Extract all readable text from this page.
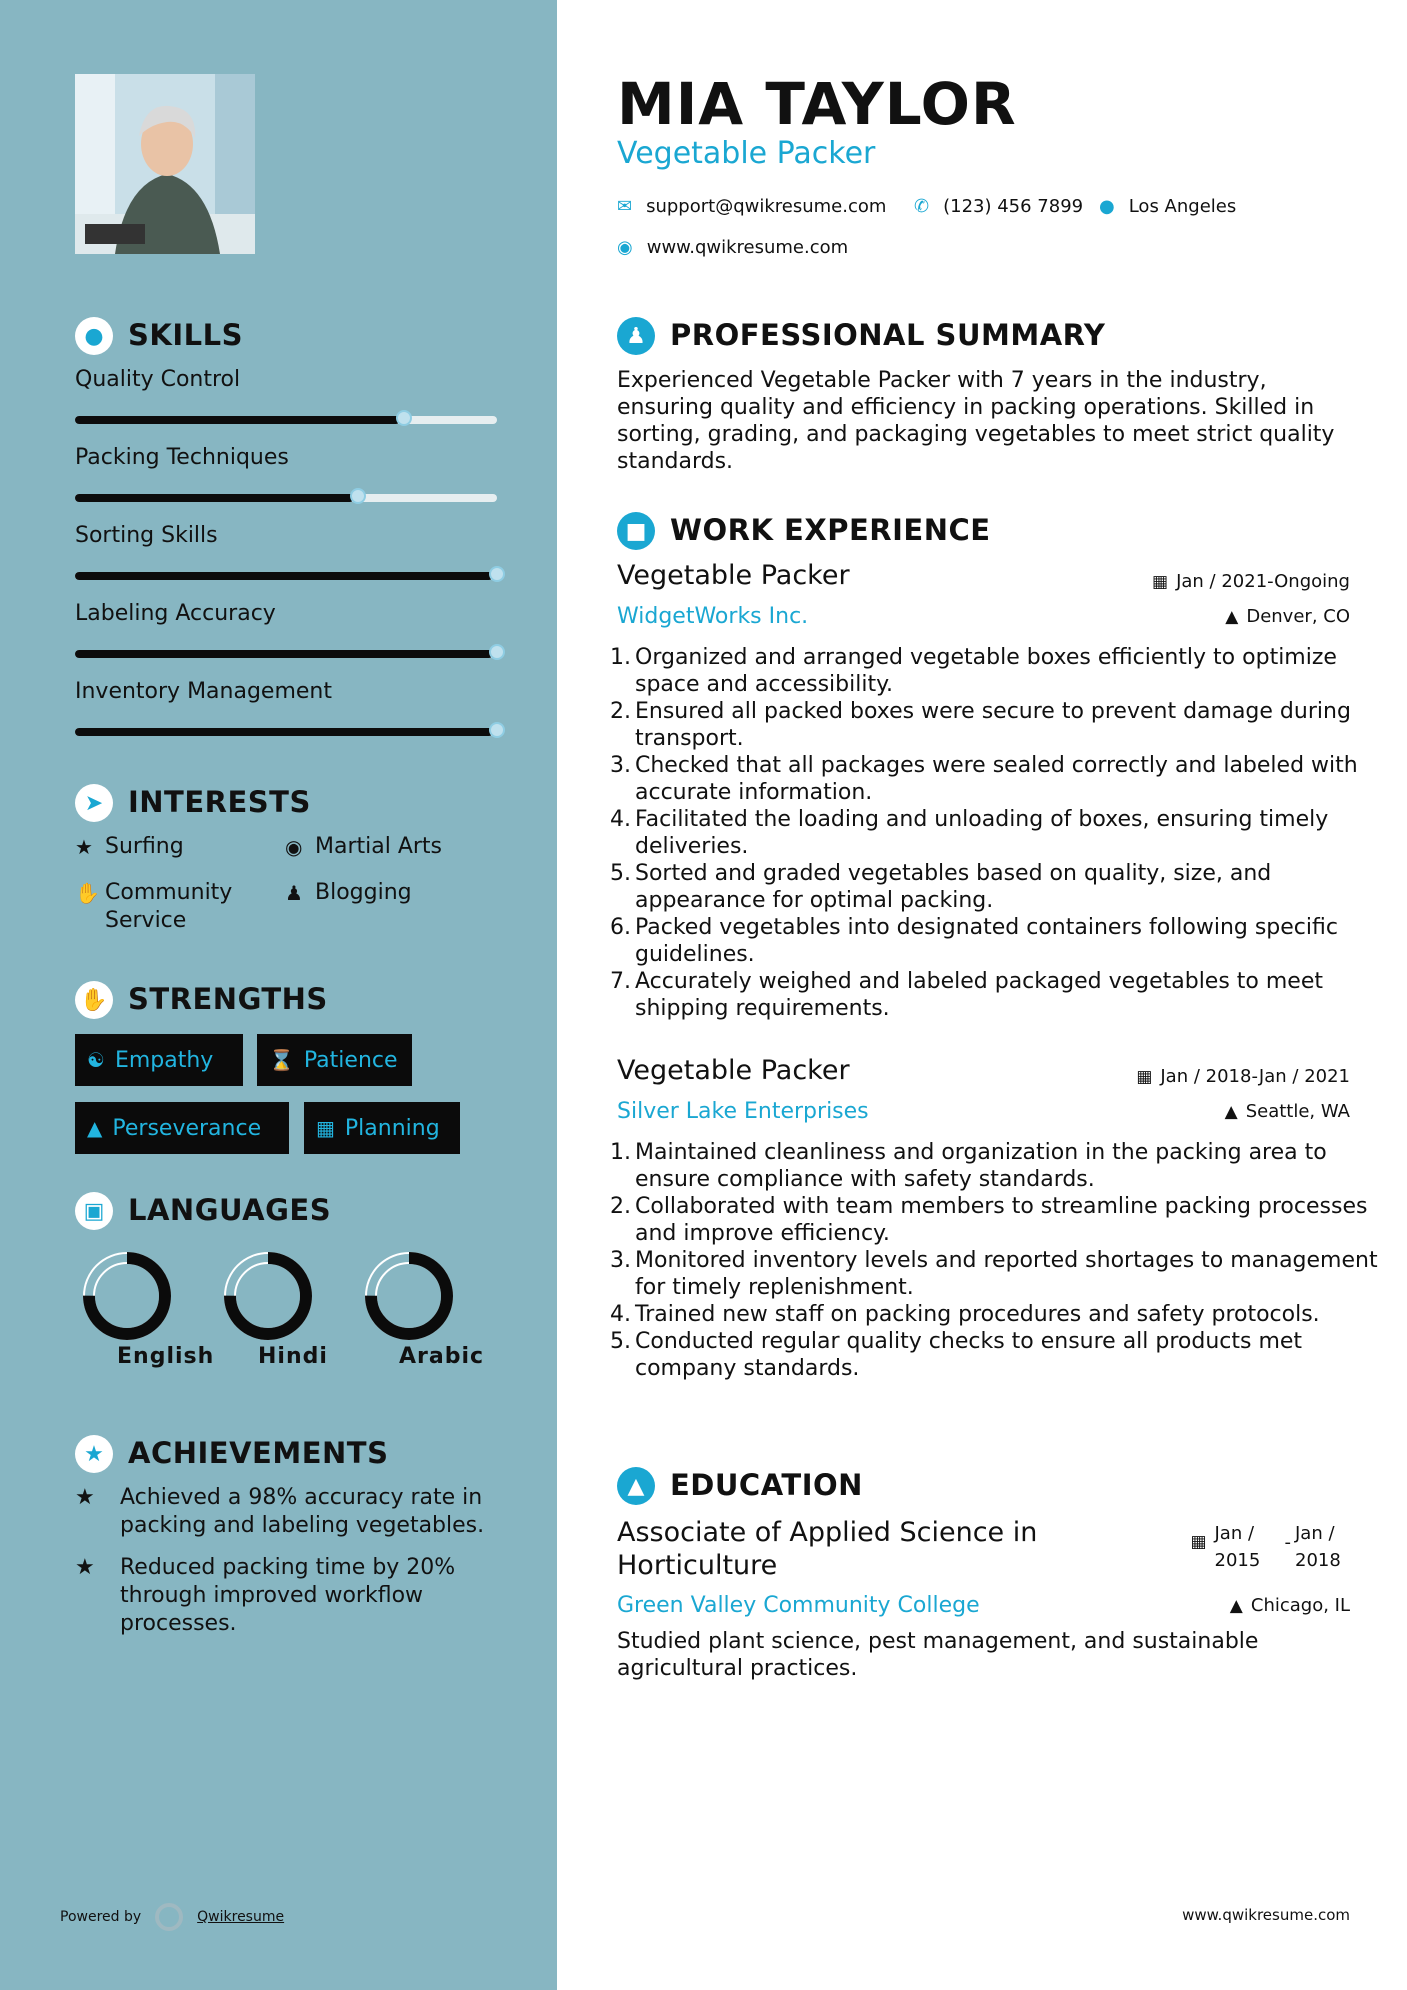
● SKILLS
Quality Control
Packing Techniques
Sorting Skills
Labeling Accuracy
Inventory Management
➤ INTERESTS
★ Surfing	◉ Martial Arts
✋ Community Service
♟ Blogging
✋ STRENGTHS
☯ Empathy	⌛ Patience
▲ Perseverance	▦ Planning
▣ LANGUAGES
English Hindi	Arabic
★ ACHIEVEMENTS
★	Achieved a 98% accuracy rate in packing and labeling vegetables.
★	Reduced packing time by 20% through improved workflow processes.
Powered by	Qwikresume
MIA TAYLOR
Vegetable Packer
✉ support@qwikresume.com ✆ (123) 456 7899 ● Los Angeles
◉ www.qwikresume.com
♟ PROFESSIONAL SUMMARY
Experienced Vegetable Packer with 7 years in the industry, ensuring quality and efficiency in packing operations. Skilled in sorting, grading, and packaging vegetables to meet strict quality standards.
■ WORK EXPERIENCE
Vegetable Packer	▦ Jan / 2021-Ongoing
WidgetWorks Inc.	▲ Denver, CO
Organized and arranged vegetable boxes efficiently to optimize space and accessibility.
Ensured all packed boxes were secure to prevent damage during transport.
Checked that all packages were sealed correctly and labeled with accurate information.
Facilitated the loading and unloading of boxes, ensuring timely deliveries.
Sorted and graded vegetables based on quality, size, and appearance for optimal packing.
Packed vegetables into designated containers following specific guidelines.
Accurately weighed and labeled packaged vegetables to meet shipping requirements.
Vegetable Packer	▦ Jan / 2018-Jan / 2021
Silver Lake Enterprises	▲ Seattle, WA
Maintained cleanliness and organization in the packing area to ensure compliance with safety standards.
Collaborated with team members to streamline packing processes and improve efficiency.
Monitored inventory levels and reported shortages to management for timely replenishment.
Trained new staff on packing procedures and safety protocols.
Conducted regular quality checks to ensure all products met company standards.
▲ EDUCATION
Associate of Applied Science in Horticulture
▦ Jan / 2015
- Jan / 2018
Green Valley Community College	▲ Chicago, IL
Studied plant science, pest management, and sustainable agricultural practices.
www.qwikresume.com
